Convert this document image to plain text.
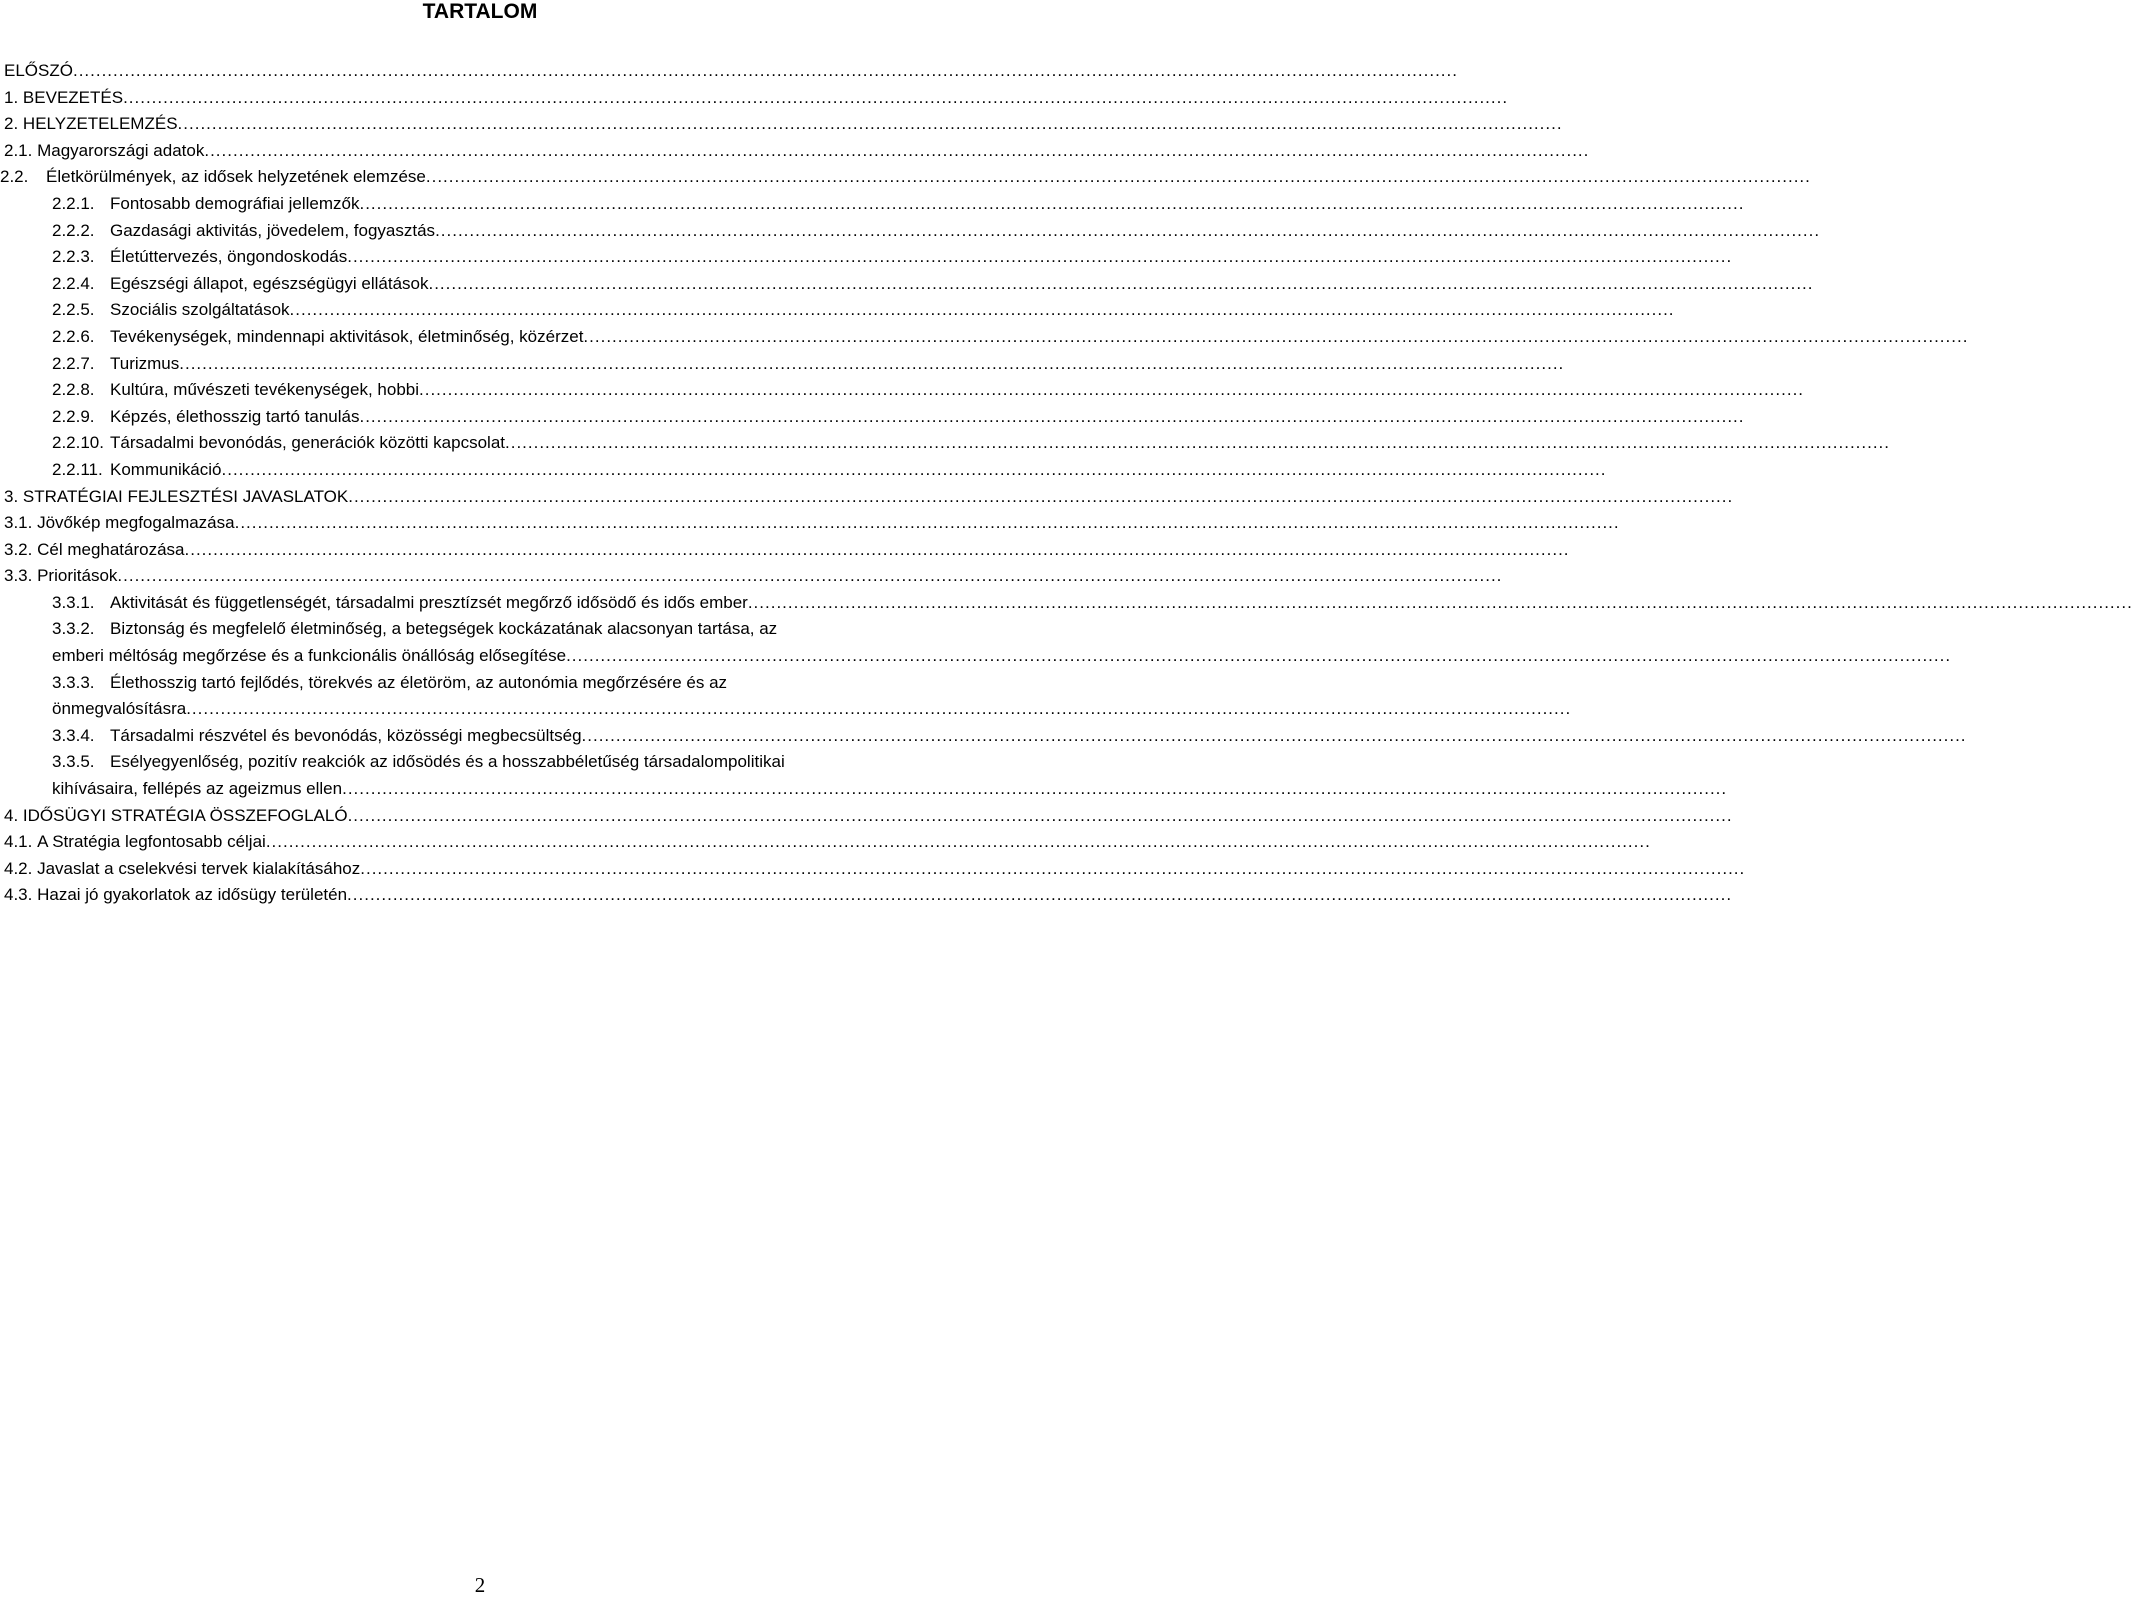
TARTALOM
ELŐSZÓ
.....
1.
BEVEZETÉS
.....
2.
HELYZETELEMZÉS
.....
2.1.
Magyarországi adatok
.....
2.2.	Életkörülmények, az idősek helyzetének elemzése
.....
2.2.1. Fontosabb demográfiai jellemzők
.....
2.2.2. Gazdasági aktivitás, jövedelem, fogyasztás
.....
2.2.3. Életúttervezés, öngondoskodás
.....
2.2.4. Egészségi állapot, egészségügyi ellátások
.....
2.2.5. Szociális szolgáltatások
.....
2.2.6. Tevékenységek, mindennapi aktivitások, életminőség, közérzet
.....
2.2.7. Turizmus
.....
2.2.8. Kultúra, művészeti tevékenységek, hobbi
.....
2.2.9. Képzés, élethosszig tartó tanulás
.....
2.2.10. Társadalmi bevonódás, generációk közötti kapcsolat
.....
2.2.11. Kommunikáció
.....
3.
STRATÉGIAI FEJLESZTÉSI JAVASLATOK
.....
3.1.
Jövőkép megfogalmazása
.....
3.2.
Cél meghatározása
.....
3.3.
Prioritások
.....
3.3.1. Aktivitását és függetlenségét, társadalmi presztízsét megőrző idősödő és idős ember
.....
3.3.2. Biztonság és megfelelő életminőség, a betegségek kockázatának alacsonyan tartása, az
emberi méltóság megőrzése és a funkcionális önállóság elősegítése
.....
3.3.3. Élethosszig tartó fejlődés, törekvés az életöröm, az autonómia megőrzésére és az
önmegvalósításra
.....
3.3.4. Társadalmi részvétel és bevonódás, közösségi megbecsültség
.....
3.3.5. Esélyegyenlőség, pozitív reakciók az idősödés és a hosszabbéletűség társadalompolitikai
kihívásaira, fellépés az ageizmus ellen
.....
4.
IDŐSÜGYI STRATÉGIA ÖSSZEFOGLALÓ
.....
4.1.
A Stratégia legfontosabb céljai
.....
4.2.
Javaslat a cselekvési tervek kialakításához
.....
4.3.
Hazai jó gyakorlatok az idősügy területén
.....
2
